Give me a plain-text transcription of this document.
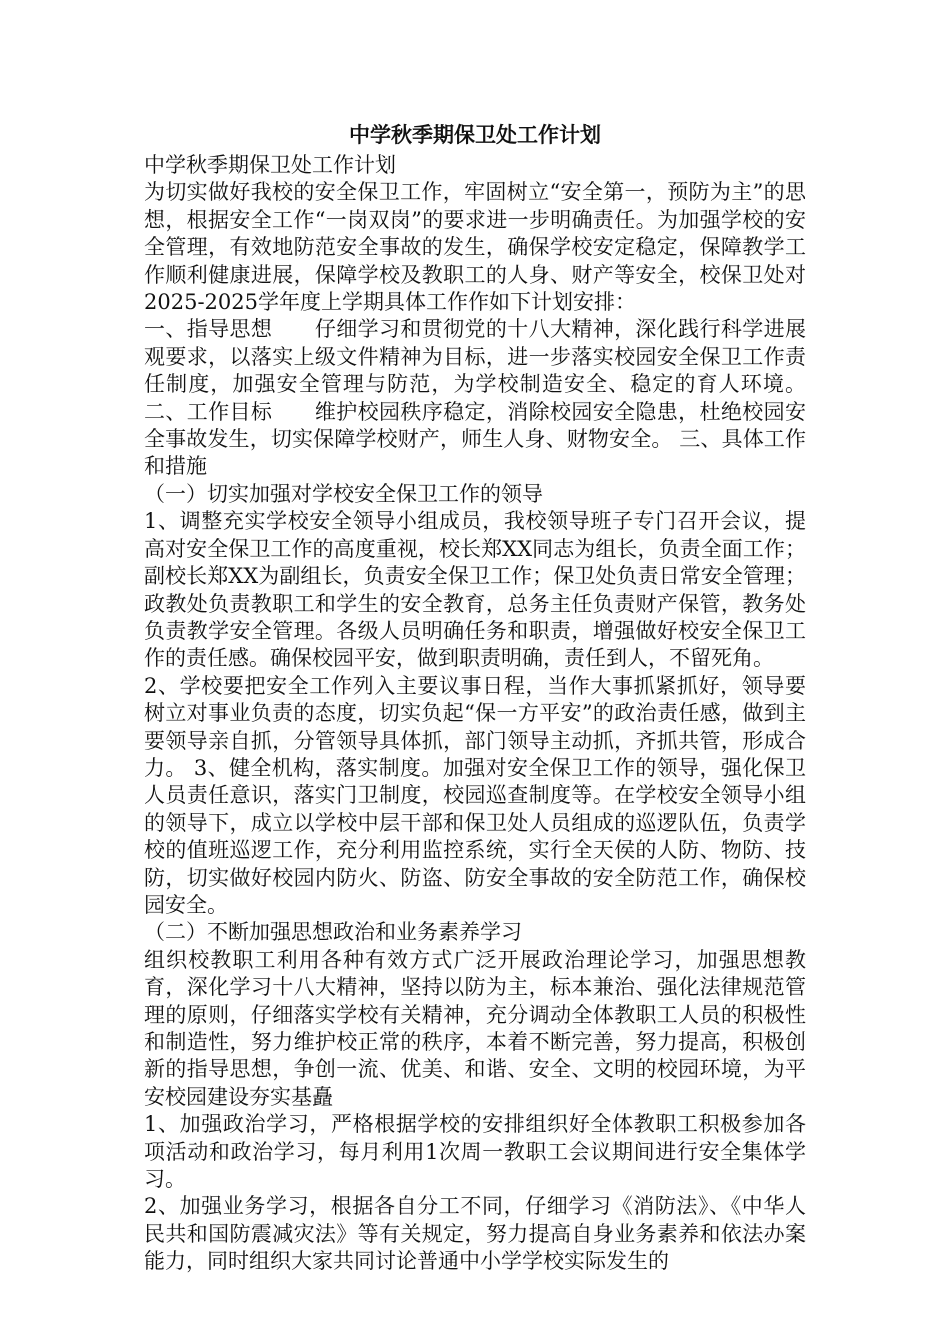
中学秋季期保卫处工作计划
中学秋季期保卫处工作计划
为切实做好我校的安全保卫工作，牢固树立“安全第一，预防为主”的思想，根据安全工作“一岗双岗”的要求进一步明确责任。为加强学校的安全管理，有效地防范安全事故的发生，确保学校安定稳定，保障教学工作顺利健康进展，保障学校及教职工的人身、财产等安全，校保卫处对2025-2025学年度上学期具体工作作如下计划安排：
一、指导思想　　仔细学习和贯彻党的十八大精神，深化践行科学进展观要求，以落实上级文件精神为目标，进一步落实校园安全保卫工作责任制度，加强安全管理与防范，为学校制造安全、稳定的育人环境。 二、工作目标　　维护校园秩序稳定，消除校园安全隐患，杜绝校园安全事故发生，切实保障学校财产，师生人身、财物安全。 三、具体工作和措施
（一）切实加强对学校安全保卫工作的领导
1、调整充实学校安全领导小组成员，我校领导班子专门召开会议，提高对安全保卫工作的高度重视，校长郑XX同志为组长，负责全面工作；副校长郑XX为副组长，负责安全保卫工作；保卫处负责日常安全管理；政教处负责教职工和学生的安全教育，总务主任负责财产保管，教务处负责教学安全管理。各级人员明确任务和职责，增强做好校安全保卫工作的责任感。确保校园平安，做到职责明确，责任到人，不留死角。
2、学校要把安全工作列入主要议事日程，当作大事抓紧抓好，领导要树立对事业负责的态度，切实负起“保一方平安”的政治责任感，做到主要领导亲自抓，分管领导具体抓，部门领导主动抓，齐抓共管，形成合力。 3、健全机构，落实制度。加强对安全保卫工作的领导，强化保卫人员责任意识，落实门卫制度，校园巡查制度等。在学校安全领导小组的领导下，成立以学校中层干部和保卫处人员组成的巡逻队伍，负责学校的值班巡逻工作，充分利用监控系统，实行全天侯的人防、物防、技防，切实做好校园内防火、防盗、防安全事故的安全防范工作，确保校园安全。
（二）不断加强思想政治和业务素养学习
组织校教职工利用各种有效方式广泛开展政治理论学习，加强思想教育，深化学习十八大精神，坚持以防为主，标本兼治、强化法律规范管理的原则，仔细落实学校有关精神，充分调动全体教职工人员的积极性和制造性，努力维护校正常的秩序，本着不断完善，努力提高，积极创新的指导思想，争创一流、优美、和谐、安全、文明的校园环境，为平安校园建设夯实基矗
1、加强政治学习，严格根据学校的安排组织好全体教职工积极参加各项活动和政治学习，每月利用1次周一教职工会议期间进行安全集体学习。
2、加强业务学习，根据各自分工不同，仔细学习《消防法》、《中华人民共和国防震减灾法》等有关规定，努力提高自身业务素养和依法办案能力，同时组织大家共同讨论普通中小学学校实际发生的
